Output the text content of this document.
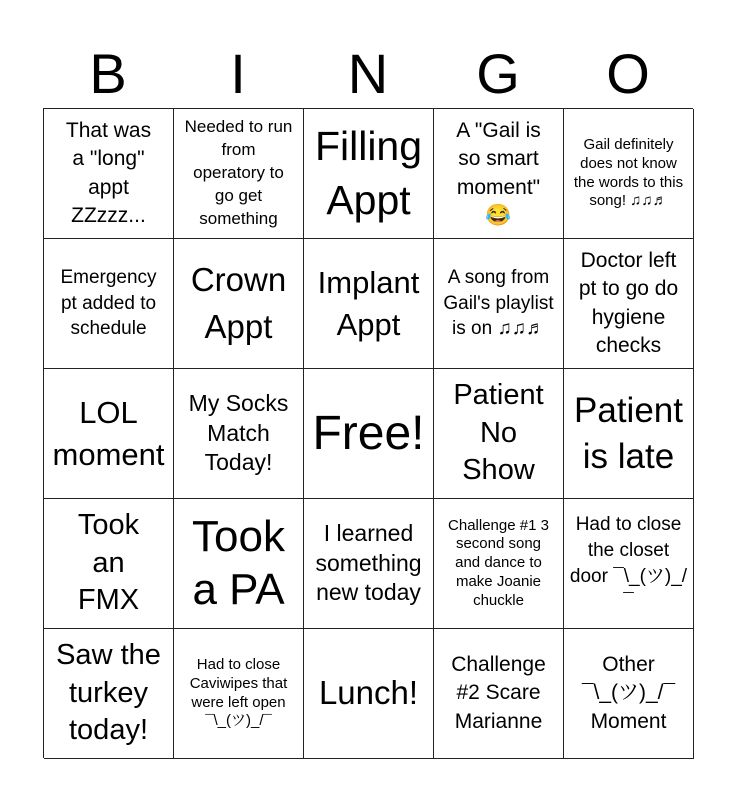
B	I	N	G	O
That was a "long" appt ZZzzz...
Needed to run from operatory to go get something
Filling Appt
A "Gail is so smart moment" 😂
Gail definitely does not know the words to this song! ♫♫♬
Emergency pt added to schedule
Crown Appt
Implant Appt
A song from Gail's playlist is on ♫♫♬
Doctor left pt to go do hygiene checks
LOL moment
My Socks Match Today!
Free!
Patient No Show
Patient is late
Took an FMX
Took a PA
I learned something new today
Challenge #1 3 second song and dance to make Joanie chuckle
Had to close the closet door ¯\_(ツ)_/¯
Saw the turkey today!
Had to close Caviwipes that were left open ¯\_(ツ)_/¯
Lunch!
Challenge #2 Scare Marianne
Other ¯\_(ツ)_/¯ Moment
